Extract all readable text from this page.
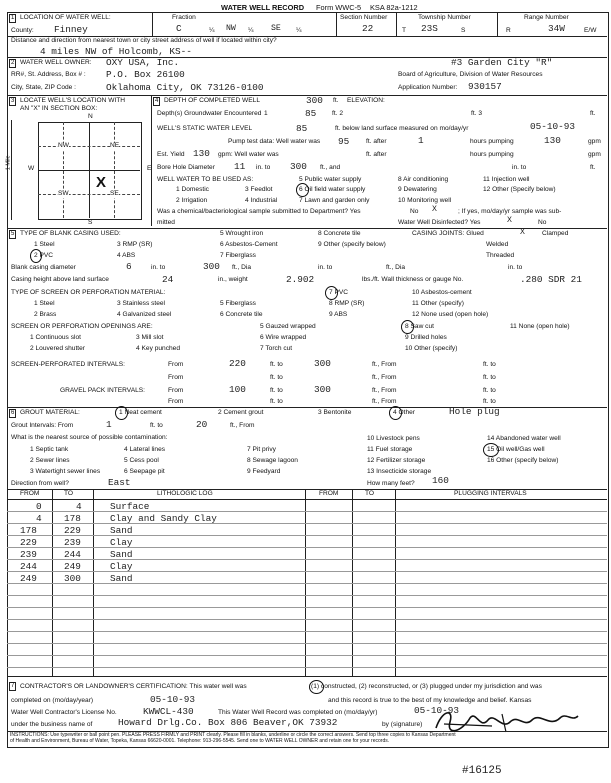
WATER WELL RECORD Form WWC-5 KSA 82a-1212
1 LOCATION OF WATER WELL:
County: Finney
Fraction
C	¼ NW ¼ SE ¼
Section Number
22
Township Number
T 23S	S
Range Number
R	34W	E/W
Distance and direction from nearest town or city street address of well if located within city?
4 miles NW of Holcomb, KS--
2 WATER WELL OWNER: OXY USA, Inc.	#3 Garden City "R"
RR#, St. Address, Box # : P.O. Box 26100	Board of Agriculture, Division of Water Resources
City, State, ZIP Code :	Oklahoma City, OK 73126-0100	Application Number: 930157
3 LOCATE WELL'S LOCATION WITH
AN "X" IN SECTION BOX:
N
S
W	E
1 Mile
NW	NE
SW	SE
X
4 DEPTH OF COMPLETED WELL	300 ft. ELEVATION:
Depth(s) Groundwater Encountered 1	85 ft. 2	ft. 3	ft.
WELL'S STATIC WATER LEVEL	85	ft. below land surface measured on mo/day/yr	05-10-93
Pump test data: Well water was 95	ft. after	1	hours pumping	130	gpm
Est. Yield 130 gpm: Well water was	ft. after	hours pumping	gpm
Bore Hole Diameter 11 in. to 300 ft., and	in. to	ft.
WELL WATER TO BE USED AS:
1 Domestic
2 Irrigation
3 Feedlot
4 Industrial
5 Public water supply
6 Oil field water supply
7 Lawn and garden only
8 Air conditioning
9 Dewatering
10 Monitoring well
11 Injection well
12 Other (Specify below)
Was a chemical/bacteriological sample submitted to Department? Yes	No X	; If yes, mo/day/yr sample was sub-
mitted	Water Well Disinfected? Yes	X	No
5 TYPE OF BLANK CASING USED:
1 Steel
2 PVC
3 RMP (SR)
4 ABS
5 Wrought iron
6 Asbestos-Cement
7 Fiberglass
8 Concrete tile
9 Other (specify below)
CASING JOINTS: Glued	X	Clamped
Welded
Threaded
Blank casing diameter	6	in. to	300 ft., Dia	in. to	ft., Dia	in. to
Casing height above land surface	24	in., weight	2.902	lbs./ft. Wall thickness or gauge No.	.280 SDR 21
TYPE OF SCREEN OR PERFORATION MATERIAL:
1 Steel
2 Brass
3 Stainless steel
4 Galvanized steel
5 Fiberglass
6 Concrete tile
7 PVC
8 RMP (SR)
9 ABS
10 Asbestos-cement
11 Other (specify)
12 None used (open hole)
SCREEN OR PERFORATION OPENINGS ARE:
1 Continuous slot
2 Louvered shutter
3 Mill slot
4 Key punched
5 Gauzed wrapped
6 Wire wrapped
7 Torch cut
8 Saw cut
9 Drilled holes
10 Other (specify)
11 None (open hole)
SCREEN-PERFORATED INTERVALS:	From	220	ft. to	300	ft., From	ft. to
From	ft. to	ft., From	ft. to
GRAVEL PACK INTERVALS:	From	100	ft. to	300	ft., From	ft. to
From	ft. to	ft., From	ft. to
6 GROUT MATERIAL:	1 Neat cement	2 Cement grout	3 Bentonite	4 Other	Hole plug
Grout Intervals: From	1	ft. to	20	ft., From
What is the nearest source of possible contamination:
1 Septic tank
2 Sewer lines
3 Watertight sewer lines
4 Lateral lines
5 Cess pool
6 Seepage pit
7 Pit privy
8 Sewage lagoon
9 Feedyard
10 Livestock pens
11 Fuel storage
12 Fertilizer storage
13 Insecticide storage
14 Abandoned water well
15 Oil well/Gas well
16 Other (specify below)
Direction from well?	East	How many feet? 160
FROM	TO	LITHOLOGIC LOG	FROM	TO	PLUGGING INTERVALS
0	4	Surface
4 178	Clay and Sandy Clay
178	229	Sand
229	239	Clay
239	244	Sand
244	249	Clay
249	300	Sand
7 CONTRACTOR'S OR LANDOWNER'S CERTIFICATION: This water well was	(1) constructed, (2) reconstructed, or (3) plugged under my jurisdiction and was
completed on (mo/day/year)	05-10-93	and this record is true to the best of my knowledge and belief. Kansas
Water Well Contractor's License No.	KWWCL-430	This Water Well Record was completed on (mo/day/yr)	05-10-93
under the business name of	Howard Drlg.Co. Box 806 Beaver,OK 73932	by (signature)
INSTRUCTIONS: Use typewriter or ball point pen. PLEASE PRESS FIRMLY and PRINT clearly. Please fill in blanks, underline or circle the correct answers. Send top three copies to Kansas Department
of Health and Environment, Bureau of Water, Topeka, Kansas 66620-0001. Telephone: 913-296-5545. Send one to WATER WELL OWNER and retain one for your records.
#16125
